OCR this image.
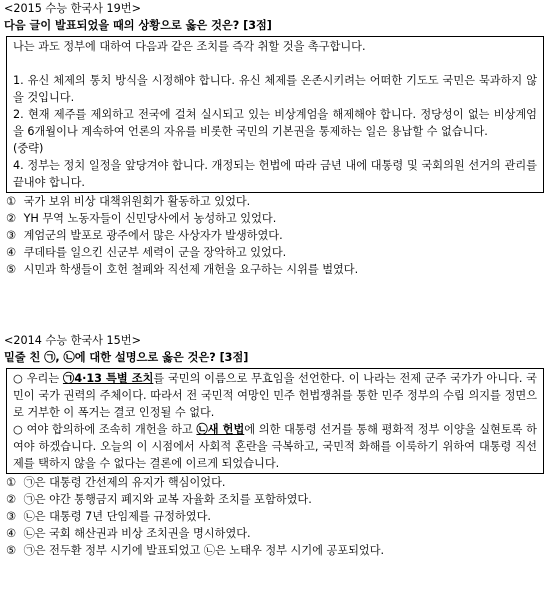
<2015 수능 한국사 19번>
다음 글이 발표되었을 때의 상황으로 옳은 것은? [3점]

나는 과도 정부에 대하여 다음과 같은 조치를 즉각 취할 것을 촉구합니다.

1. 유신 체제의 통치 방식을 시정해야 합니다. 유신 체제를 온존시키려는 어떠한 기도도 국민은 묵과하지 않을 것입니다.

2. 현재 제주를 제외하고 전국에 걸쳐 실시되고 있는 비상계엄을 해제해야 합니다. 정당성이 없는 비상계엄을 6개월이나 계속하여 언론의 자유를 비롯한 국민의 기본권을 통제하는 일은 용납할 수 없습니다.

(중략)

4. 정부는 정치 일정을 앞당겨야 합니다. 개정되는 헌법에 따라 금년 내에 대통령 및 국회의원 선거의 관리를 끝내야 합니다.

① 국가 보위 비상 대책위원회가 활동하고 있었다.
② YH 무역 노동자들이 신민당사에서 농성하고 있었다.
③ 계엄군의 발포로 광주에서 많은 사상자가 발생하였다.
④ 쿠데타를 일으킨 신군부 세력이 군을 장악하고 있었다.
⑤ 시민과 학생들이 호헌 철폐와 직선제 개헌을 요구하는 시위를 벌였다.
<2014 수능 한국사 15번>
밑줄 친 ㉠, ㉡에 대한 설명으로 옳은 것은? [3점]

○ 우리는 ㉠4·13 특별 조치를 국민의 이름으로 무효임을 선언한다. 이 나라는 전제 군주 국가가 아니다. 국민이 국가 권력의 주체이다. 따라서 전 국민적 여망인 민주 헌법쟁취를 통한 민주 정부의 수립 의지를 정면으로 거부한 이 폭거는 결코 인정될 수 없다.

○ 여야 합의하에 조속히 개헌을 하고 ㉡새 헌법에 의한 대통령 선거를 통해 평화적 정부 이양을 실현토록 하여야 하겠습니다. 오늘의 이 시점에서 사회적 혼란을 극복하고, 국민적 화해를 이룩하기 위하여 대통령 직선제를 택하지 않을 수 없다는 결론에 이르게 되었습니다.

① ㉠은 대통령 간선제의 유지가 핵심이었다.
② ㉠은 야간 통행금지 폐지와 교복 자율화 조치를 포함하였다.
③ ㉡은 대통령 7년 단임제를 규정하였다.
④ ㉡은 국회 해산권과 비상 조치권을 명시하였다.
⑤ ㉠은 전두환 정부 시기에 발표되었고 ㉡은 노태우 정부 시기에 공포되었다.
